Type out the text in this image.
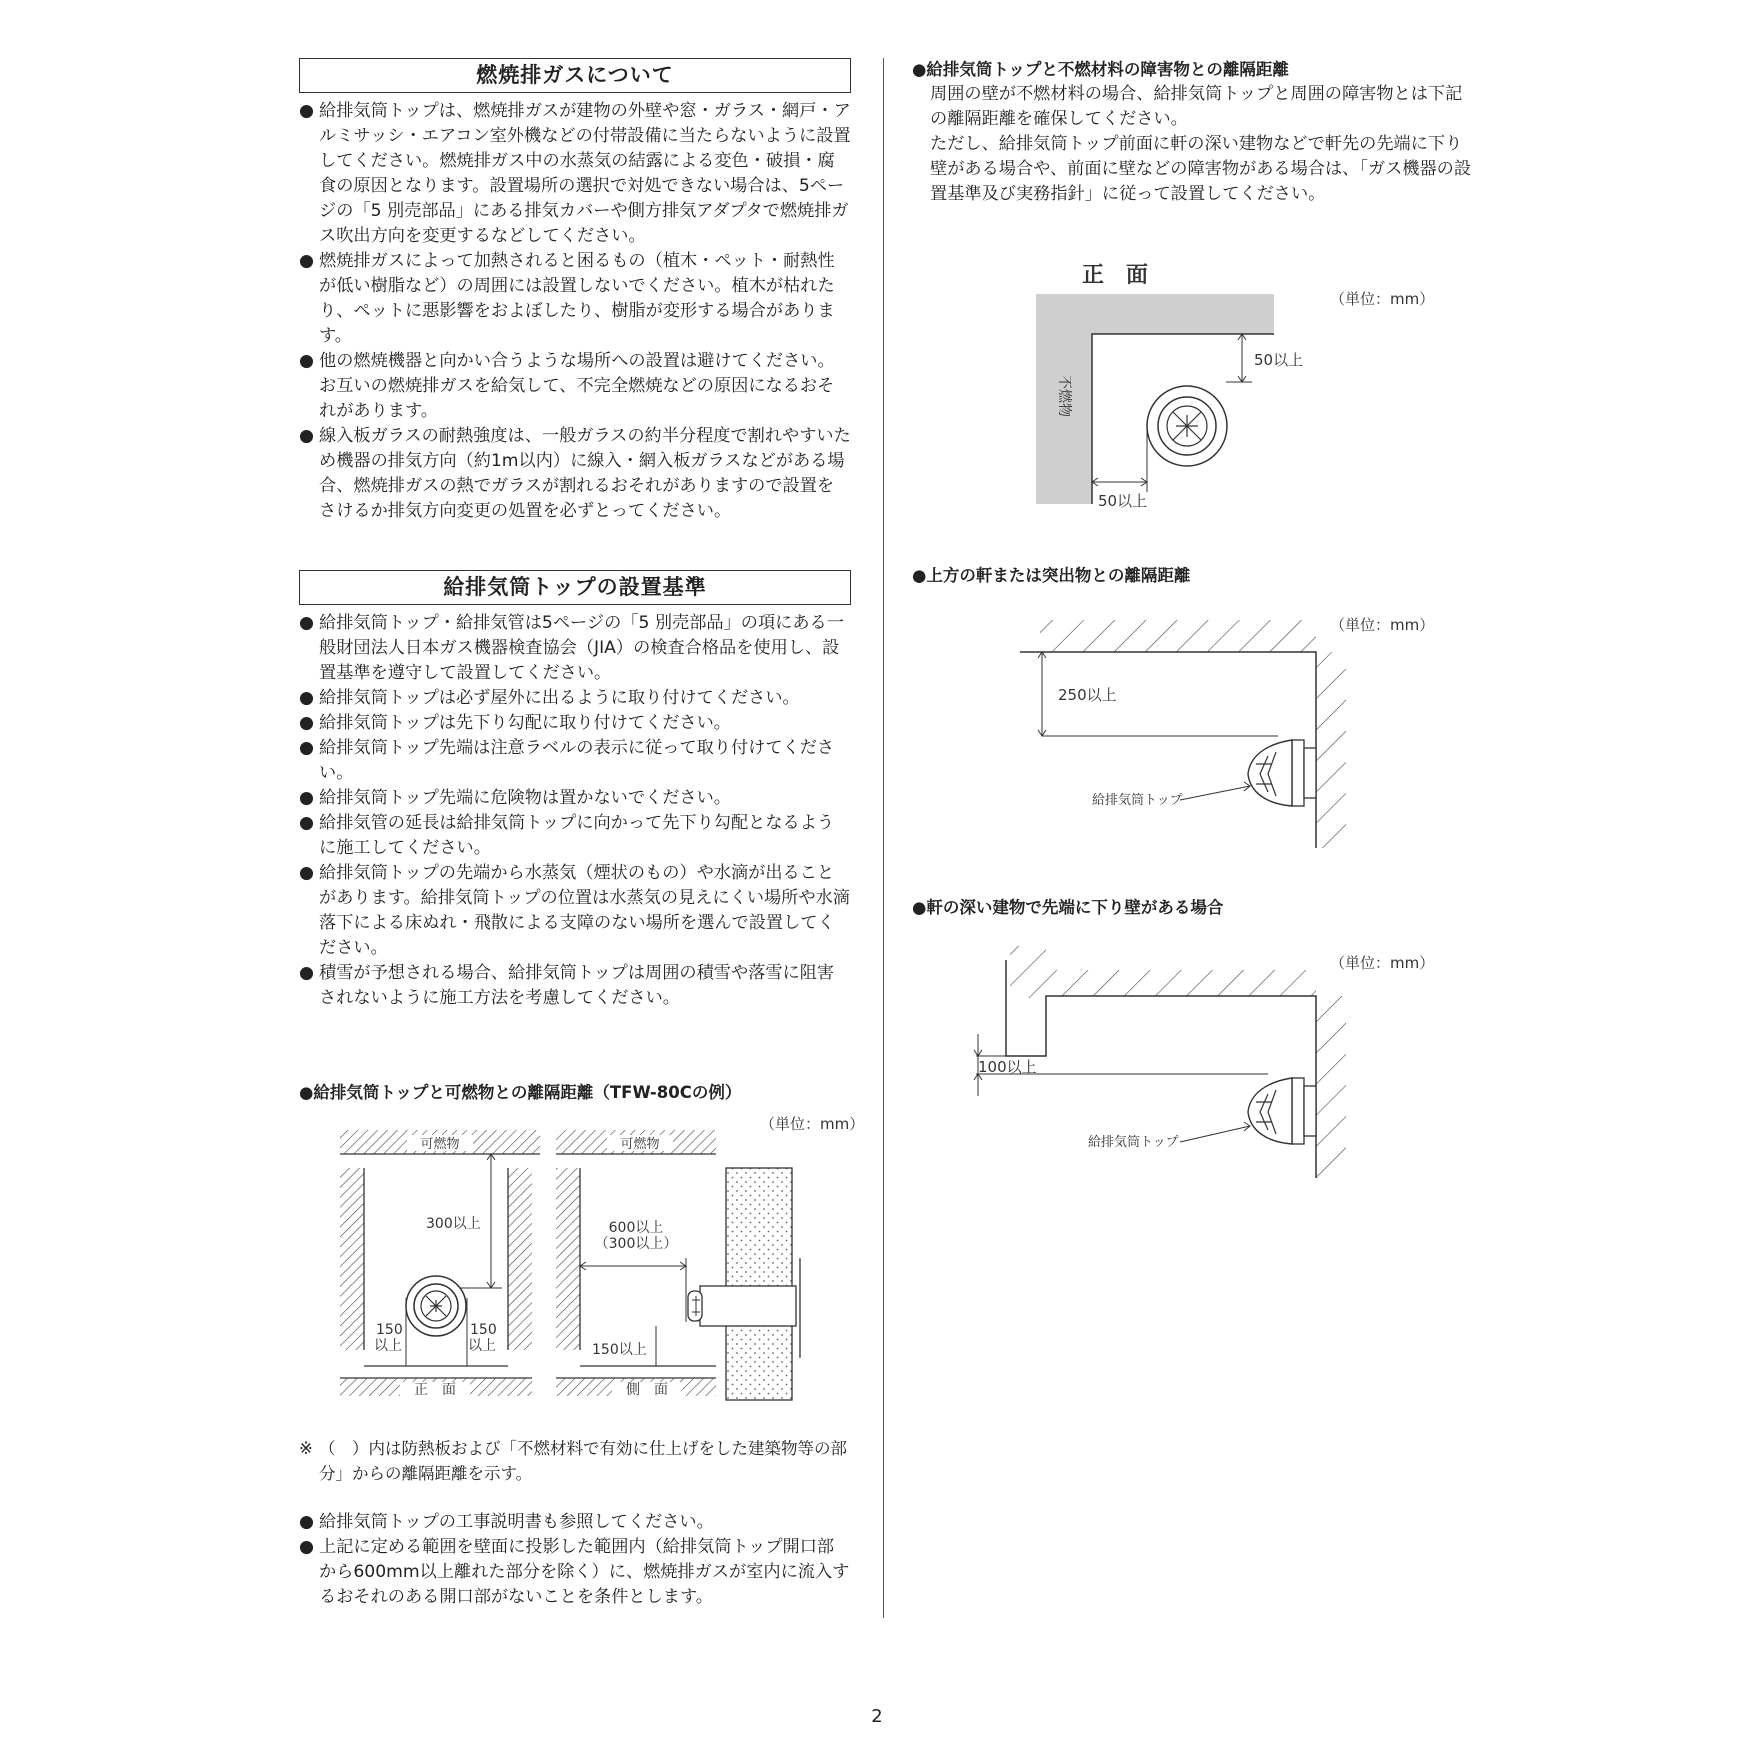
燃焼排ガスについて
● 給排気筒トップは、燃焼排ガスが建物の外壁や窓・ガラス・網戸・アルミサッシ・エアコン室外機などの付帯設備に当たらないように設置してください。燃焼排ガス中の水蒸気の結露による変色・破損・腐食の原因となります。設置場所の選択で対処できない場合は、5ページの「5 別売部品」にある排気カバーや側方排気アダプタで燃焼排ガス吹出方向を変更するなどしてください。
● 燃焼排ガスによって加熱されると困るもの（植木・ペット・耐熱性が低い樹脂など）の周囲には設置しないでください。植木が枯れたり、ペットに悪影響をおよぼしたり、樹脂が変形する場合があります。
● 他の燃焼機器と向かい合うような場所への設置は避けてください。お互いの燃焼排ガスを給気して、不完全燃焼などの原因になるおそれがあります。
● 線入板ガラスの耐熱強度は、一般ガラスの約半分程度で割れやすいため機器の排気方向（約1m以内）に線入・網入板ガラスなどがある場合、燃焼排ガスの熱でガラスが割れるおそれがありますので設置をさけるか排気方向変更の処置を必ずとってください。
給排気筒トップの設置基準
● 給排気筒トップ・給排気管は5ページの「5 別売部品」の項にある一般財団法人日本ガス機器検査協会（JIA）の検査合格品を使用し、設置基準を遵守して設置してください。
● 給排気筒トップは必ず屋外に出るように取り付けてください。
● 給排気筒トップは先下り勾配に取り付けてください。
● 給排気筒トップ先端は注意ラベルの表示に従って取り付けてください。
● 給排気筒トップ先端に危険物は置かないでください。
● 給排気管の延長は給排気筒トップに向かって先下り勾配となるように施工してください。
● 給排気筒トップの先端から水蒸気（煙状のもの）や水滴が出ることがあります。給排気筒トップの位置は水蒸気の見えにくい場所や水滴落下による床ぬれ・飛散による支障のない場所を選んで設置してください。
● 積雪が予想される場合、給排気筒トップは周囲の積雪や落雪に阻害されないように施工方法を考慮してください。
●給排気筒トップと可燃物との離隔距離（TFW-80Cの例）
（単位：mm）
可燃物
正　面
300以上
150
以上
150
以上
可燃物
側　面
600以上
（300以上）
150以上
※ （　）内は防熱板および「不燃材料で有効に仕上げをした建築物等の部分」からの離隔距離を示す。
● 給排気筒トップの工事説明書も参照してください。
● 上記に定める範囲を壁面に投影した範囲内（給排気筒トップ開口部から600mm以上離れた部分を除く）に、燃焼排ガスが室内に流入するおそれのある開口部がないことを条件とします。
●給排気筒トップと不燃材料の障害物との離隔距離
周囲の壁が不燃材料の場合、給排気筒トップと周囲の障害物とは下記の離隔距離を確保してください。
ただし、給排気筒トップ前面に軒の深い建物などで軒先の先端に下り壁がある場合や、前面に壁などの障害物がある場合は、「ガス機器の設置基準及び実務指針」に従って設置してください。
正　面
（単位：mm）
不燃物
50以上
50以上
●上方の軒または突出物との離隔距離
（単位：mm）
250以上
給排気筒トップ
●軒の深い建物で先端に下り壁がある場合
（単位：mm）
100以上
給排気筒トップ
2
